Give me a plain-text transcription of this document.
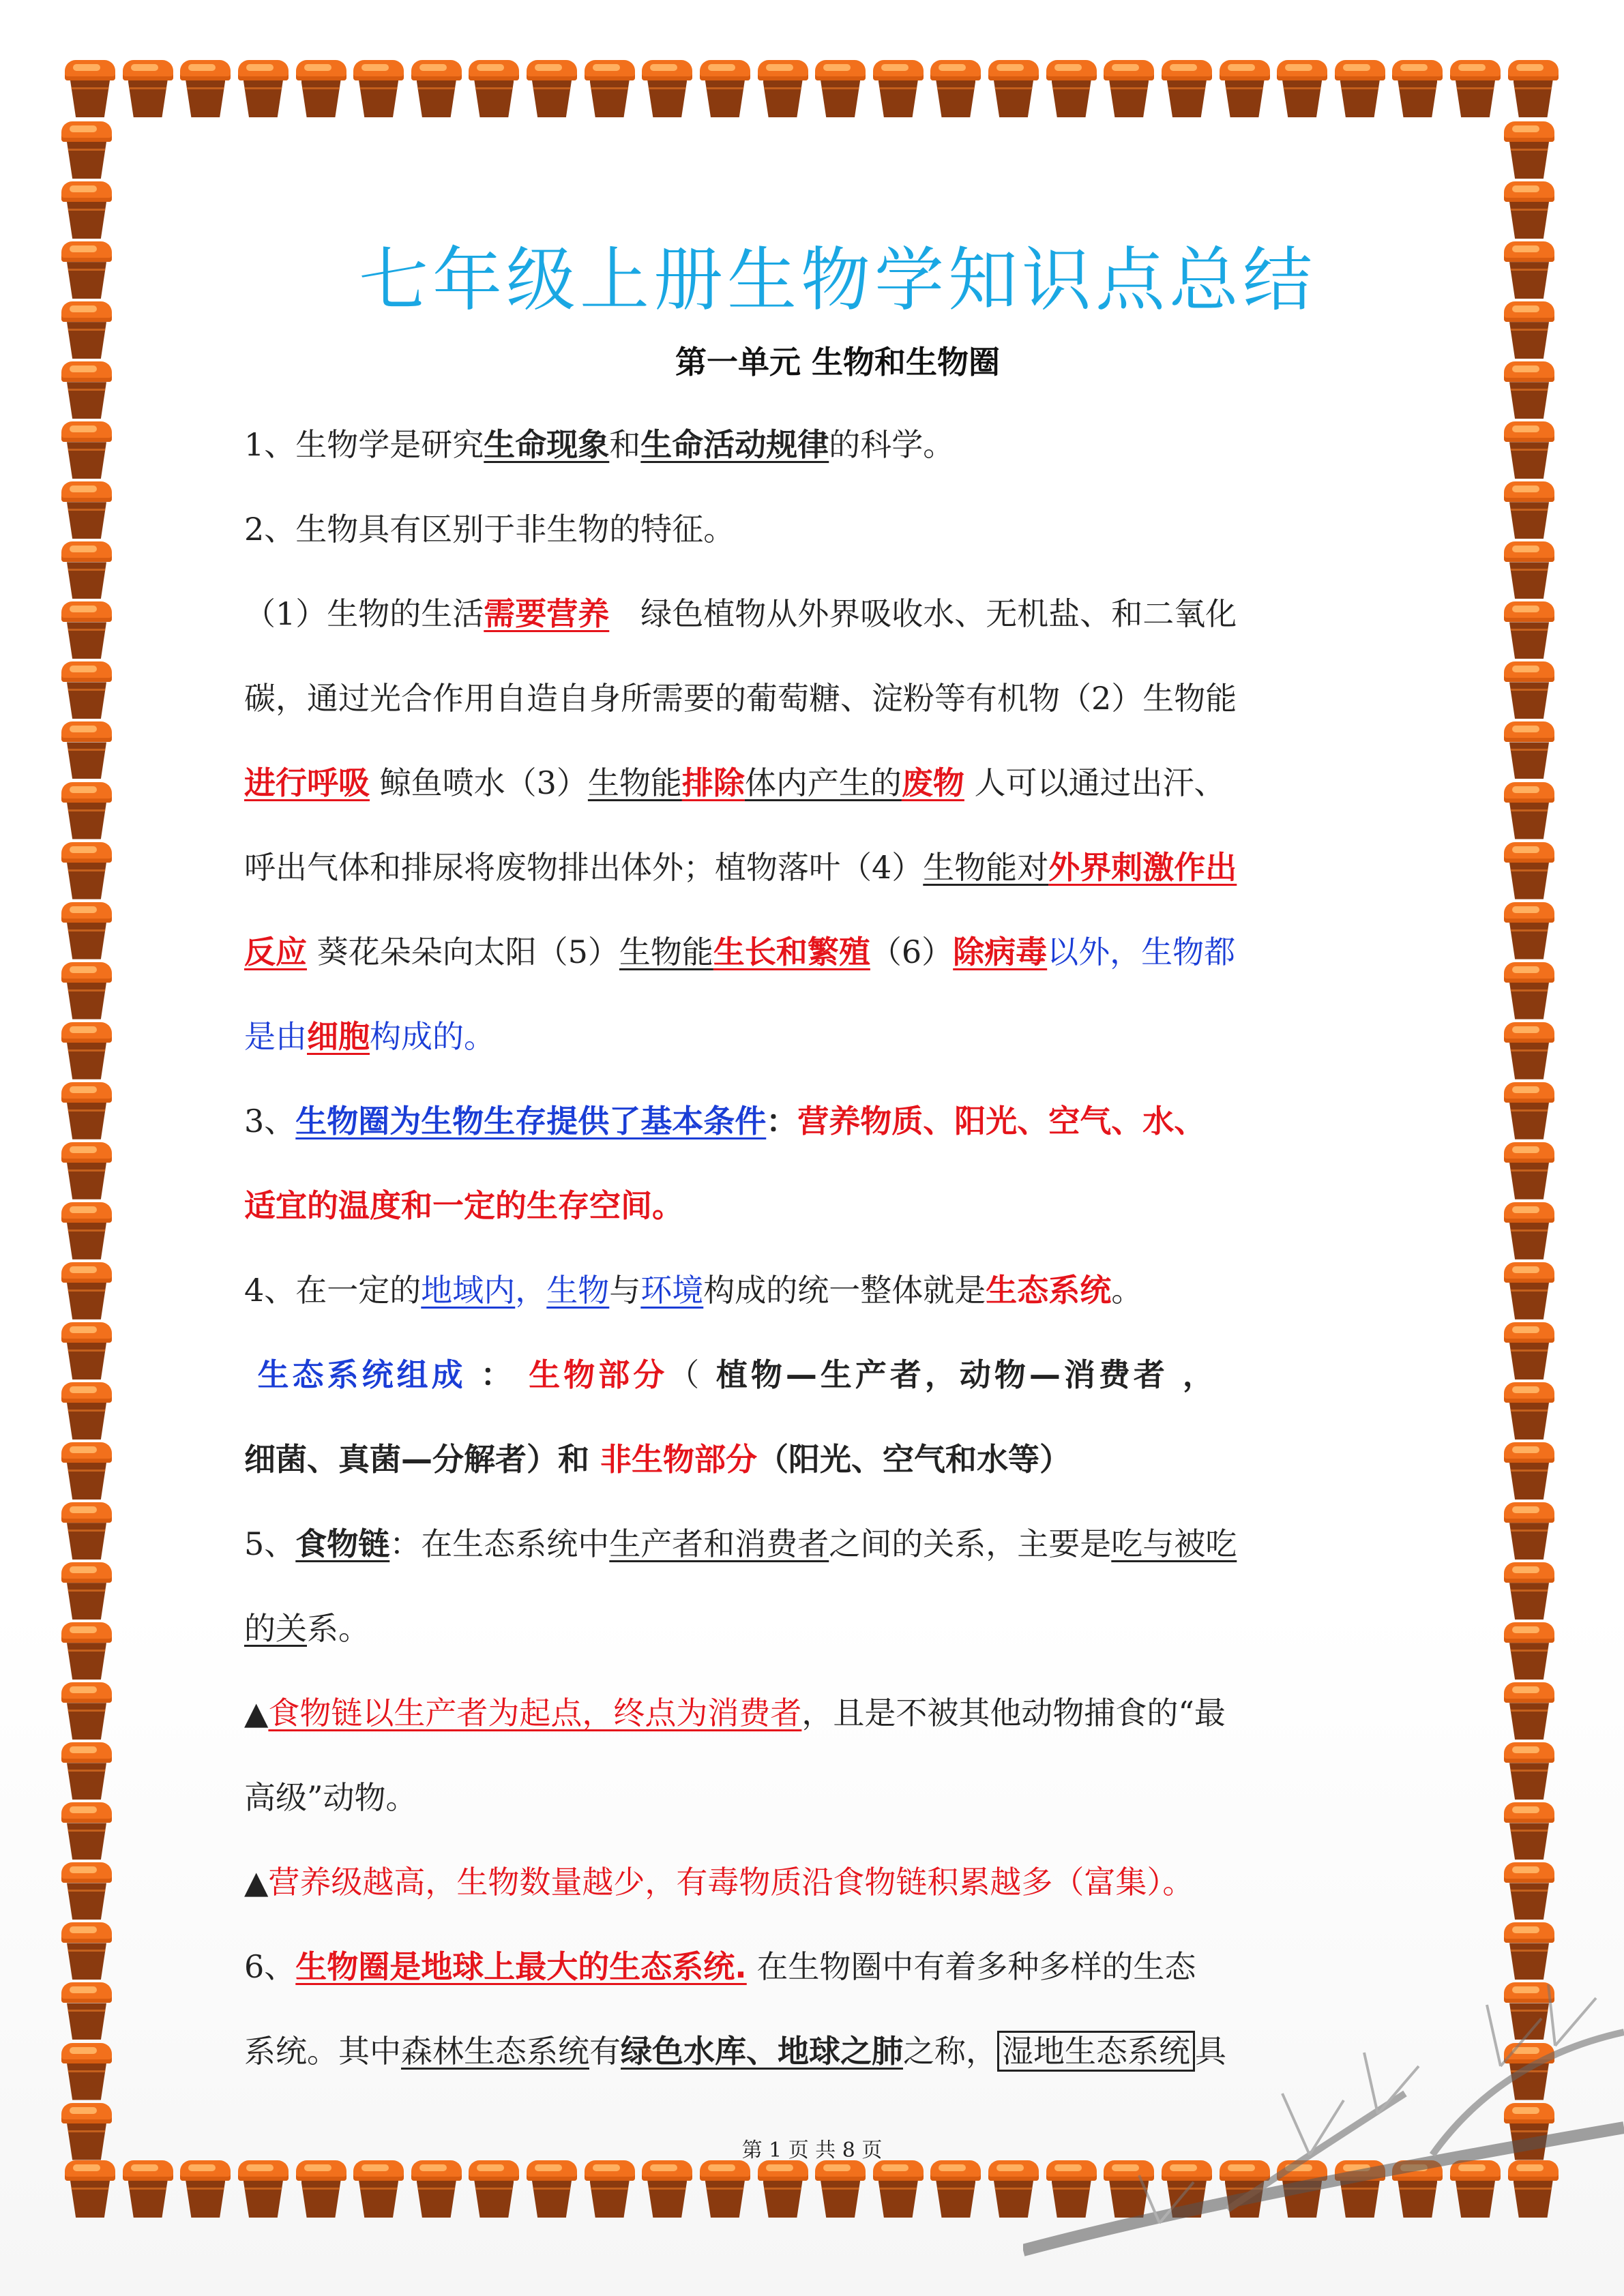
七年级上册生物学知识点总结
第一单元 生物和生物圈
1、生物学是研究生命现象和生命活动规律的科学。
2、生物具有区别于非生物的特征。
（1）生物的生活需要营养　绿色植物从外界吸收水、无机盐、和二氧化
碳，通过光合作用自造自身所需要的葡萄糖、淀粉等有机物（2）生物能
进行呼吸 鲸鱼喷水（3）生物能排除体内产生的废物 人可以通过出汗、
呼出气体和排尿将废物排出体外；植物落叶（4）生物能对外界刺激作出
反应 葵花朵朵向太阳（5）生物能生长和繁殖（6）除病毒以外，生物都
是由细胞构成的。
3、生物圈为生物生存提供了基本条件：营养物质、阳光、空气、水、
适宜的温度和一定的生存空间。
4、在一定的地域内，生物与环境构成的统一整体就是生态系统。
生态系统组成 ： 生物部分（ 植物—生产者，动物—消费者 ，
细菌、真菌—分解者）和 非生物部分（阳光、空气和水等）
5、食物链：在生态系统中生产者和消费者之间的关系，主要是吃与被吃
的关系。
▲食物链以生产者为起点，终点为消费者，且是不被其他动物捕食的“最
高级”动物。
▲营养级越高，生物数量越少，有毒物质沿食物链积累越多（富集）。
6、生物圈是地球上最大的生态系统. 在生物圈中有着多种多样的生态
系统。其中森林生态系统有绿色水库、地球之肺之称， 湿地生态系统 具
第 1 页 共 8 页
